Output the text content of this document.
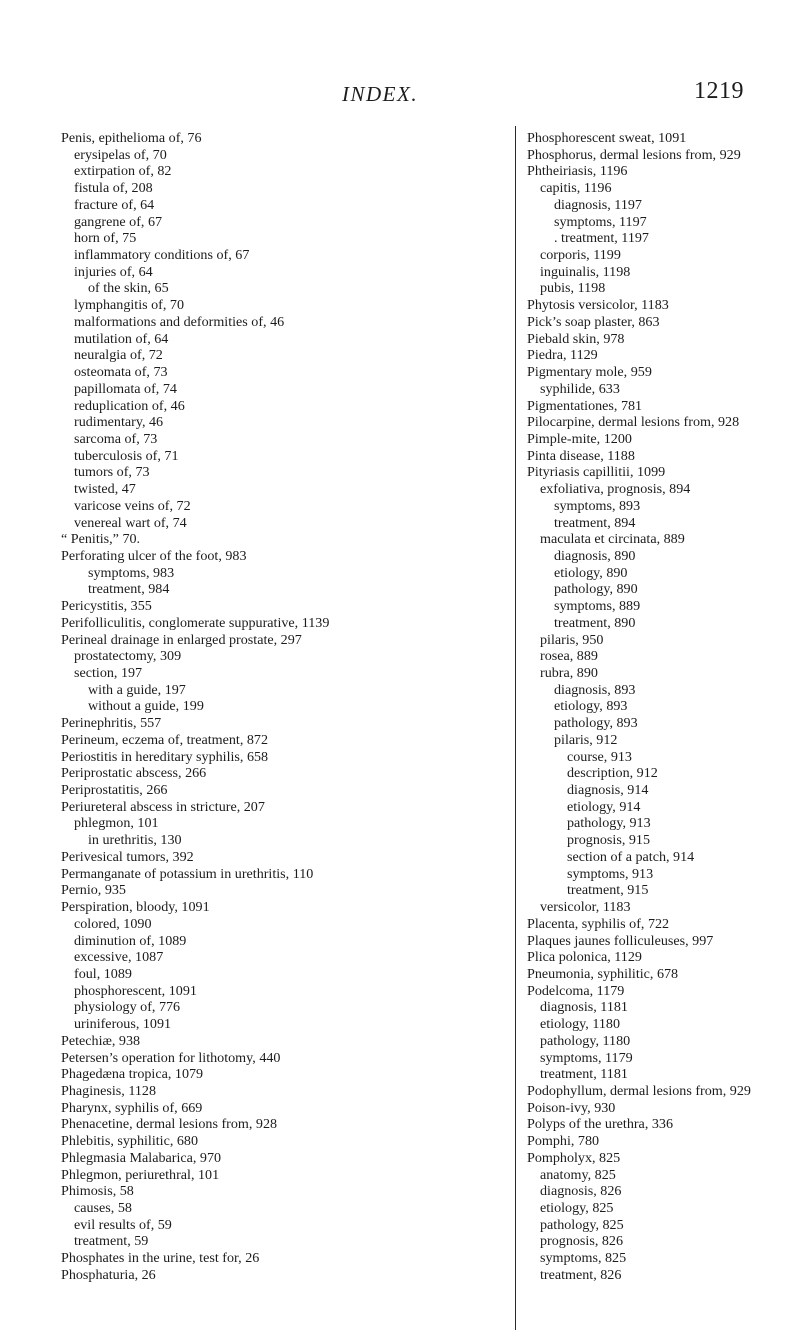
INDEX.	1219
Penis, epithelioma of, 76
erysipelas of, 70
extirpation of, 82
fistula of, 208
fracture of, 64
gangrene of, 67
horn of, 75
inflammatory conditions of, 67
injuries of, 64
of the skin, 65
lymphangitis of, 70
malformations and deformities of, 46
mutilation of, 64
neuralgia of, 72
osteomata of, 73
papillomata of, 74
reduplication of, 46
rudimentary, 46
sarcoma of, 73
tuberculosis of, 71
tumors of, 73
twisted, 47
varicose veins of, 72
venereal wart of, 74
“ Penitis,” 70.
Perforating ulcer of the foot, 983
symptoms, 983
treatment, 984
Pericystitis, 355
Perifolliculitis, conglomerate suppurative, 1139
Perineal drainage in enlarged prostate, 297
prostatectomy, 309
section, 197
with a guide, 197
without a guide, 199
Perinephritis, 557
Perineum, eczema of, treatment, 872
Periostitis in hereditary syphilis, 658
Periprostatic abscess, 266
Periprostatitis, 266
Periureteral abscess in stricture, 207
phlegmon, 101
in urethritis, 130
Perivesical tumors, 392
Permanganate of potassium in urethritis, 110
Pernio, 935
Perspiration, bloody, 1091
colored, 1090
diminution of, 1089
excessive, 1087
foul, 1089
phosphorescent, 1091
physiology of, 776
uriniferous, 1091
Petechiæ, 938
Petersen’s operation for lithotomy, 440
Phagedæna tropica, 1079
Phaginesis, 1128
Pharynx, syphilis of, 669
Phenacetine, dermal lesions from, 928
Phlebitis, syphilitic, 680
Phlegmasia Malabarica, 970
Phlegmon, periurethral, 101
Phimosis, 58
causes, 58
evil results of, 59
treatment, 59
Phosphates in the urine, test for, 26
Phosphaturia, 26
Phosphorescent sweat, 1091
Phosphorus, dermal lesions from, 929
Phtheiriasis, 1196
capitis, 1196
diagnosis, 1197
symptoms, 1197
. treatment, 1197
corporis, 1199
inguinalis, 1198
pubis, 1198
Phytosis versicolor, 1183
Pick’s soap plaster, 863
Piebald skin, 978
Piedra, 1129
Pigmentary mole, 959
syphilide, 633
Pigmentationes, 781
Pilocarpine, dermal lesions from, 928
Pimple-mite, 1200
Pinta disease, 1188
Pityriasis capillitii, 1099
exfoliativa, prognosis, 894
symptoms, 893
treatment, 894
maculata et circinata, 889
diagnosis, 890
etiology, 890
pathology, 890
symptoms, 889
treatment, 890
pilaris, 950
rosea, 889
rubra, 890
diagnosis, 893
etiology, 893
pathology, 893
pilaris, 912
course, 913
description, 912
diagnosis, 914
etiology, 914
pathology, 913
prognosis, 915
section of a patch, 914
symptoms, 913
treatment, 915
versicolor, 1183
Placenta, syphilis of, 722
Plaques jaunes folliculeuses, 997
Plica polonica, 1129
Pneumonia, syphilitic, 678
Podelcoma, 1179
diagnosis, 1181
etiology, 1180
pathology, 1180
symptoms, 1179
treatment, 1181
Podophyllum, dermal lesions from, 929
Poison-ivy, 930
Polyps of the urethra, 336
Pomphi, 780
Pompholyx, 825
anatomy, 825
diagnosis, 826
etiology, 825
pathology, 825
prognosis, 826
symptoms, 825
treatment, 826
